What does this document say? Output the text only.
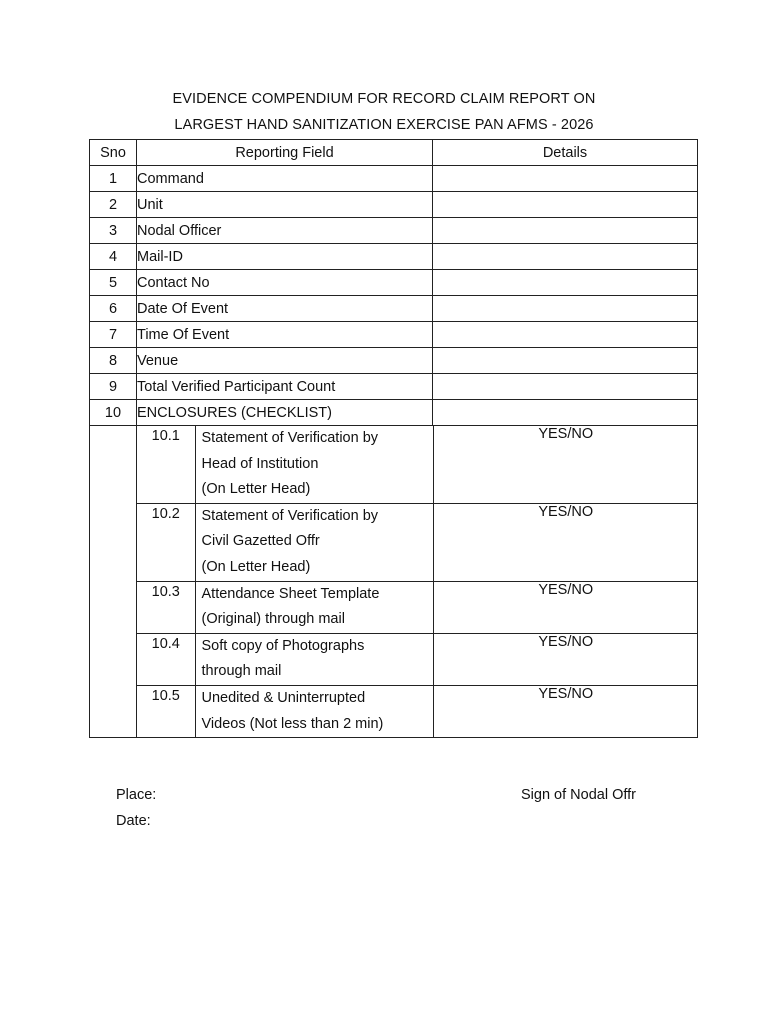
EVIDENCE COMPENDIUM FOR RECORD CLAIM REPORT ON
LARGEST HAND SANITIZATION EXERCISE PAN AFMS - 2026
Sno	Reporting Field	Details
1	Command	
2	Unit	
3	Nodal Officer	
4	Mail-ID	
5	Contact No	
6	Date Of Event	
7	Time Of Event	
8	Venue	
9	Total Verified Participant Count	
10	ENCLOSURES (CHECKLIST)	

10.1	Statement of Verification by
Head of Institution
(On Letter Head)
	YES/NO
10.2	Statement of Verification by
Civil Gazetted Offr
(On Letter Head)
	YES/NO
10.3	Attendance Sheet Template
(Original) through mail
	YES/NO
10.4	Soft copy of Photographs
through mail
	YES/NO
10.5	Unedited & Uninterrupted
Videos (Not less than 2 min)
	YES/NO
Place:
Date:
Sign of Nodal Offr
